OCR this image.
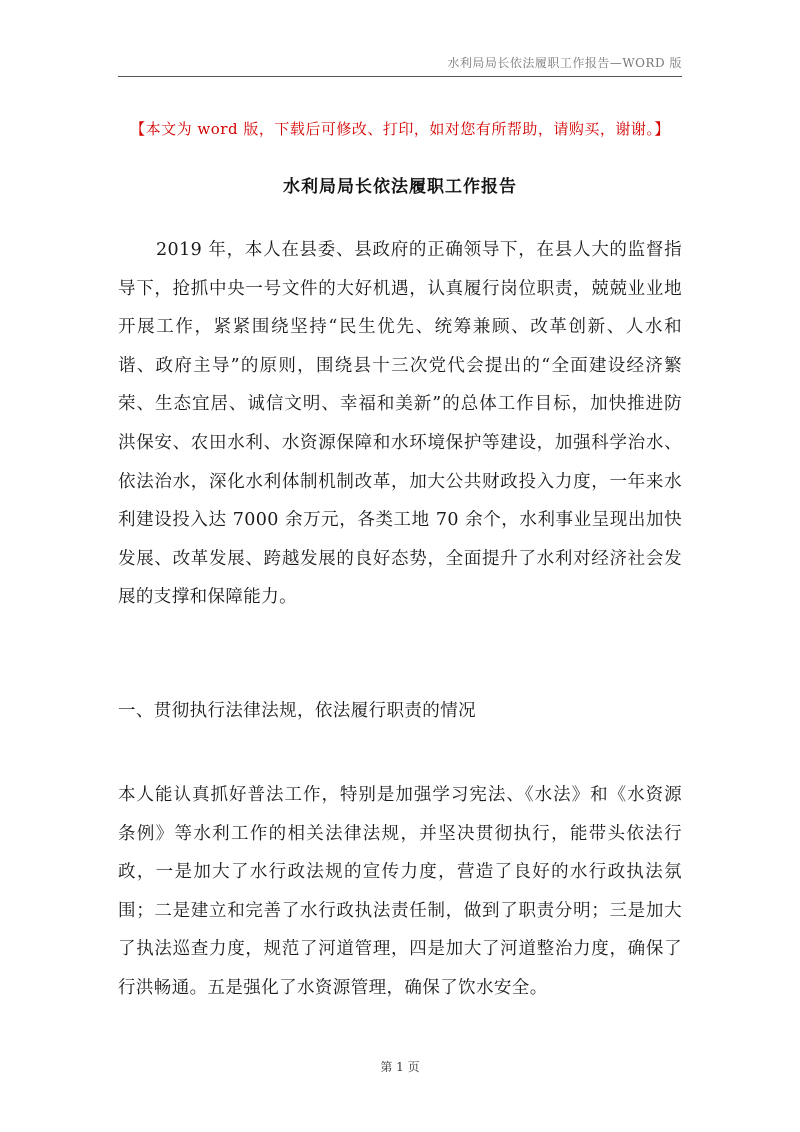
水利局局长依法履职工作报告—WORD 版
【本文为 word 版，下载后可修改、打印，如对您有所帮助，请购买，谢谢。】
水利局局长依法履职工作报告
2019 年，本人在县委、县政府的正确领导下，在县人大的监督指导下，抢抓中央一号文件的大好机遇，认真履行岗位职责，兢兢业业地开展工作，紧紧围绕坚持“民生优先、统筹兼顾、改革创新、人水和谐、政府主导”的原则，围绕县十三次党代会提出的“全面建设经济繁荣、生态宜居、诚信文明、幸福和美新”的总体工作目标，加快推进防洪保安、农田水利、水资源保障和水环境保护等建设，加强科学治水、依法治水，深化水利体制机制改革，加大公共财政投入力度，一年来水利建设投入达 7000 余万元，各类工地 70 余个，水利事业呈现出加快发展、改革发展、跨越发展的良好态势，全面提升了水利对经济社会发展的支撑和保障能力。
一、贯彻执行法律法规，依法履行职责的情况
本人能认真抓好普法工作，特别是加强学习宪法、《水法》和《水资源条例》等水利工作的相关法律法规，并坚决贯彻执行，能带头依法行政，一是加大了水行政法规的宣传力度，营造了良好的水行政执法氛围；二是建立和完善了水行政执法责任制，做到了职责分明；三是加大了执法巡查力度，规范了河道管理，四是加大了河道整治力度，确保了行洪畅通。五是强化了水资源管理，确保了饮水安全。
第 1 页
